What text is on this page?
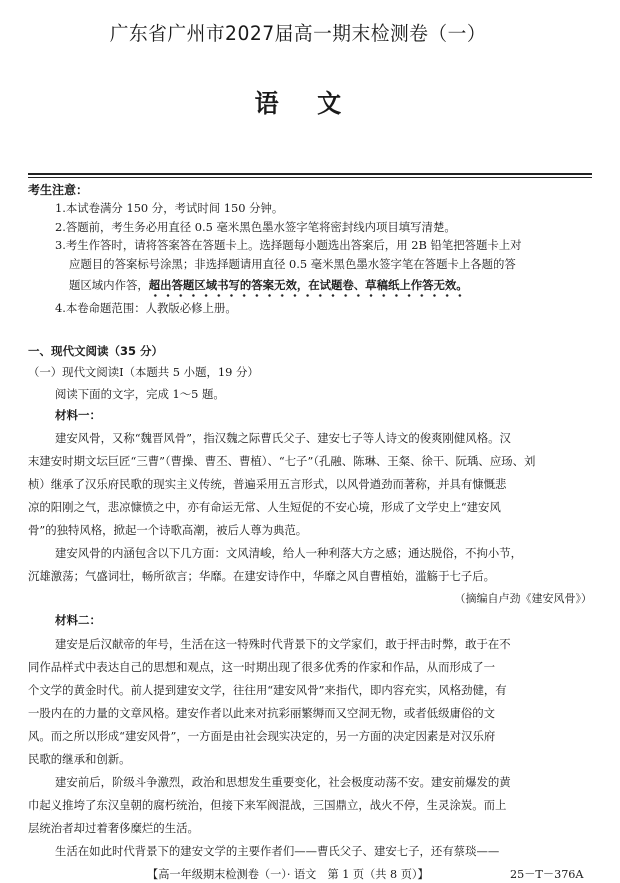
广东省广州市2027届高一期末检测卷（一）
语文
考生注意：
1.本试卷满分 150 分，考试时间 150 分钟。
2.答题前，考生务必用直径 0.5 毫米黑色墨水签字笔将密封线内项目填写清楚。
3.考生作答时，请将答案答在答题卡上。选择题每小题选出答案后，用 2B 铅笔把答题卡上对
应题目的答案标号涂黑；非选择题请用直径 0.5 毫米黑色墨水签字笔在答题卡上各题的答
题区域内作答，超出答题区域书写的答案无效，在试题卷、草稿纸上作答无效。
4.本卷命题范围：人教版必修上册。
一、现代文阅读（35 分）
（一）现代文阅读Ⅰ（本题共 5 小题，19 分）
阅读下面的文字，完成 1～5 题。
材料一：
建安风骨，又称“魏晋风骨”，指汉魏之际曹氏父子、建安七子等人诗文的俊爽刚健风格。汉
末建安时期文坛巨匠“三曹”（曹操、曹丕、曹植）、“七子”（孔融、陈琳、王粲、徐干、阮瑀、应玚、刘
桢）继承了汉乐府民歌的现实主义传统，普遍采用五言形式，以风骨遒劲而著称，并具有慷慨悲
凉的阳刚之气，悲凉慷愤之中，亦有命运无常、人生短促的不安心境，形成了文学史上“建安风
骨”的独特风格，掀起一个诗歌高潮，被后人尊为典范。
建安风骨的内涵包含以下几方面：文风清峻，给人一种利落大方之感；通达脱俗，不拘小节，
沉雄激荡；气盛词壮，畅所欲言；华靡。在建安诗作中，华靡之风自曹植始，滥觞于七子后。
（摘编自卢劲《建安风骨》）
材料二：
建安是后汉献帝的年号，生活在这一特殊时代背景下的文学家们，敢于抨击时弊，敢于在不
同作品样式中表达自己的思想和观点，这一时期出现了很多优秀的作家和作品，从而形成了一
个文学的黄金时代。前人提到建安文学，往往用“建安风骨”来指代，即内容充实，风格劲健，有
一股内在的力量的文章风格。建安作者以此来对抗彩丽繁缛而又空洞无物，或者低级庸俗的文
风。而之所以形成“建安风骨”，一方面是由社会现实决定的，另一方面的决定因素是对汉乐府
民歌的继承和创新。
建安前后，阶级斗争激烈，政治和思想发生重要变化，社会极度动荡不安。建安前爆发的黄
巾起义推垮了东汉皇朝的腐朽统治，但接下来军阀混战，三国鼎立，战火不停，生灵涂炭。而上
层统治者却过着奢侈糜烂的生活。
生活在如此时代背景下的建安文学的主要作者们——曹氏父子、建安七子，还有蔡琰——
【高一年级期末检测卷（一）· 语文　第 1 页（共 8 页）】	25－T－376A
